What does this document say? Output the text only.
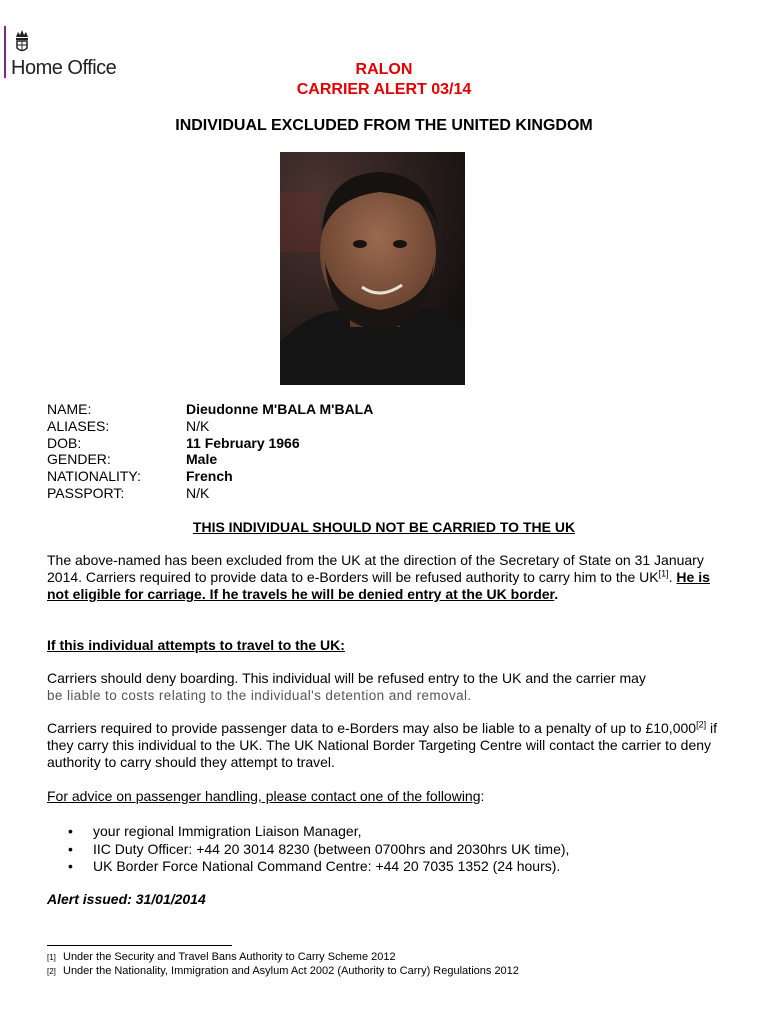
Home Office	RALON
CARRIER ALERT 03/14
INDIVIDUAL EXCLUDED FROM THE UNITED KINGDOM
NAME:	Dieudonne M'BALA M'BALA
ALIASES:	N/K
DOB:	11 February 1966
GENDER:	Male
NATIONALITY:	French
PASSPORT:	N/K
THIS INDIVIDUAL SHOULD NOT BE CARRIED TO THE UK
The above-named has been excluded from the UK at the direction of the Secretary of State on 31 January 2014. Carriers required to provide data to e-Borders will be refused authority to carry him to the UK[1]. He is not eligible for carriage. If he travels he will be denied entry at the UK border.
If this individual attempts to travel to the UK:
Carriers should deny boarding. This individual will be refused entry to the UK and the carrier may
be liable to costs relating to the individual's detention and removal.
Carriers required to provide passenger data to e-Borders may also be liable to a penalty of up to £10,000[2] if they carry this individual to the UK. The UK National Border Targeting Centre will contact the carrier to deny authority to carry should they attempt to travel.
For advice on passenger handling, please contact one of the following:
•	your regional Immigration Liaison Manager,
•	IIC Duty Officer: +44 20 3014 8230 (between 0700hrs and 2030hrs UK time),
•	UK Border Force National Command Centre: +44 20 7035 1352 (24 hours).
Alert issued: 31/01/2014
[1] Under the Security and Travel Bans Authority to Carry Scheme 2012
[2] Under the Nationality, Immigration and Asylum Act 2002 (Authority to Carry) Regulations 2012
